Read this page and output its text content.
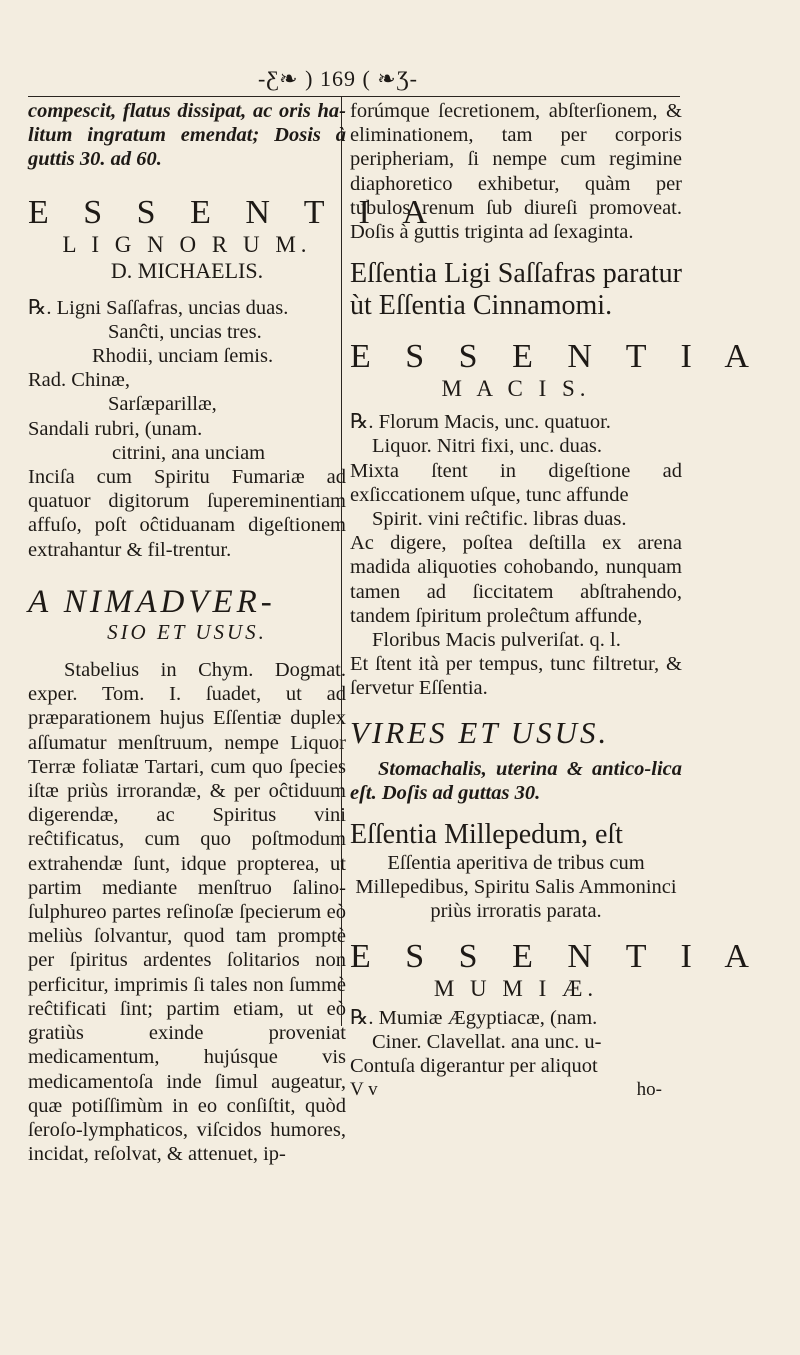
-Ƹ❧ ) 169 ( ❧Ʒ-

compescit, flatus dissipat, ac oris ha-litum ingratum emendat; Dosis à guttis 30. ad 60.

E S S E N T I A
L I G N O R U M.
D. MICHAELIS.
℞. Ligni Saſſafras, uncias duas.
Sanĉti, uncias tres.
Rhodii, unciam ſemis.
Rad. Chinæ,
Sarſæparillæ,
Sandali rubri, (unam.
citrini, ana unciam

Inciſa cum Spiritu Fumariæ ad quatuor digitorum ſupereminentiam affuſo, poſt oĉtiduanam digeſtionem extrahantur & fil-trentur.

A NIMADVER-
SIO ET USUS.

Stabelius in Chym. Dogmat. exper. Tom. I. ſuadet, ut ad præparationem hujus Eſſentiæ duplex aſſumatur menſtruum, nempe Liquor Terræ foliatæ Tartari, cum quo ſpecies iſtæ priùs irrorandæ, & per oĉtiduum digerendæ, ac Spiritus vini reĉtificatus, cum quo poſtmodum extrahendæ ſunt, idque propterea, ut partim mediante menſtruo ſalino-ſulphureo partes reſinoſæ ſpecierum eò meliùs ſolvantur, quod tam promptè per ſpiritus ardentes ſolitarios non perficitur, imprimis ſi tales non ſummè reĉtificati ſint; partim etiam, ut eò gratiùs exinde proveniat medicamentum, hujúsque vis medicamentoſa inde ſimul augeatur, quæ potiſſimùm in eo conſiſtit, quòd ſeroſo-lymphaticos, viſcidos humores, incidat, reſolvat, & attenuet, ip-

forúmque ſecretionem, abſterſionem, & eliminationem, tam per corporis peripheriam, ſi nempe cum regimine diaphoretico exhibetur, quàm per tubulos renum ſub diureſi promoveat. Doſis à guttis triginta ad ſexaginta.

Eſſentia Ligi Saſſafras paratur ùt Eſſentia Cinnamomi.

E S S E N T I A
M A C I S.
℞. Florum Macis, unc. quatuor.
Liquor. Nitri fixi, unc. duas.

Mixta ſtent in digeſtione ad exſiccationem uſque, tunc affunde

Spirit. vini reĉtific. libras duas.

Ac digere, poſtea deſtilla ex arena madida aliquoties cohobando, nunquam tamen ad ſiccitatem abſtrahendo, tandem ſpiritum proleĉtum affunde,

Floribus Macis pulveriſat. q. l.

Et ſtent ità per tempus, tunc filtretur, & ſervetur Eſſentia.

VIRES ET USUS.

Stomachalis, uterina & antico-lica eſt. Doſis ad guttas 30.

Eſſentia Millepedum, eſt

Eſſentia aperitiva de tribus cum Millepedibus, Spiritu Salis Ammoninci priùs irroratis parata.

E S S E N T I A
M U M I Æ.
℞. Mumiæ Ægyptiacæ, (nam.
Ciner. Clavellat. ana unc. u-
Contuſa digerantur per aliquot
V v	ho-
